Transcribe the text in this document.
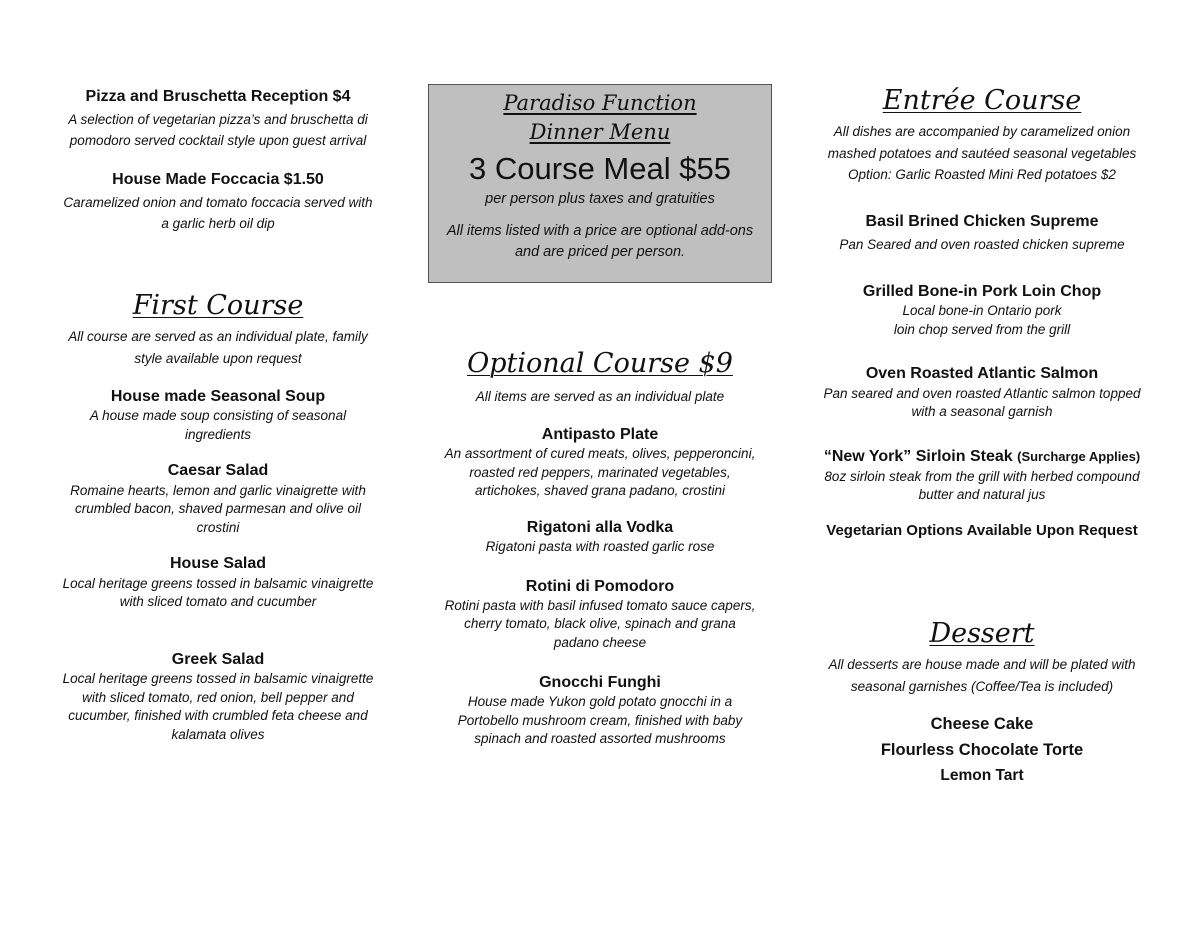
Pizza and Bruschetta Reception $4
A selection of vegetarian pizza’s and bruschetta di
pomodoro served cocktail style upon guest arrival
House Made Foccacia $1.50
Caramelized onion and tomato foccacia served with
a garlic herb oil dip
First Course
All course are served as an individual plate, family
style available upon request
House made Seasonal Soup
A house made soup consisting of seasonal
ingredients
Caesar Salad
Romaine hearts, lemon and garlic vinaigrette with
crumbled bacon, shaved parmesan and olive oil
crostini
House Salad
Local heritage greens tossed in balsamic vinaigrette
with sliced tomato and cucumber
Greek Salad
Local heritage greens tossed in balsamic vinaigrette
with sliced tomato, red onion, bell pepper and
cucumber, finished with crumbled feta cheese and
kalamata olives
Paradiso Function
Dinner Menu
3 Course Meal $55
per person plus taxes and gratuities
All items listed with a price are optional add-ons
and are priced per person.
Optional Course $9
All items are served as an individual plate
Antipasto Plate
An assortment of cured meats, olives, pepperoncini,
roasted red peppers, marinated vegetables,
artichokes, shaved grana padano, crostini
Rigatoni alla Vodka
Rigatoni pasta with roasted garlic rose
Rotini di Pomodoro
Rotini pasta with basil infused tomato sauce capers,
cherry tomato, black olive, spinach and grana
padano cheese
Gnocchi Funghi
House made Yukon gold potato gnocchi in a
Portobello mushroom cream, finished with baby
spinach and roasted assorted mushrooms
Entrée Course
All dishes are accompanied by caramelized onion
mashed potatoes and sautéed seasonal vegetables
Option: Garlic Roasted Mini Red potatoes $2
Basil Brined Chicken Supreme
Pan Seared and oven roasted chicken supreme
Grilled Bone-in Pork Loin Chop
Local bone-in Ontario pork
loin chop served from the grill
Oven Roasted Atlantic Salmon
Pan seared and oven roasted Atlantic salmon topped
with a seasonal garnish
“New York” Sirloin Steak (Surcharge Applies)
8oz sirloin steak from the grill with herbed compound
butter and natural jus
Vegetarian Options Available Upon Request
Dessert
All desserts are house made and will be plated with
seasonal garnishes (Coffee/Tea is included)
Cheese Cake
Flourless Chocolate Torte
Lemon Tart
